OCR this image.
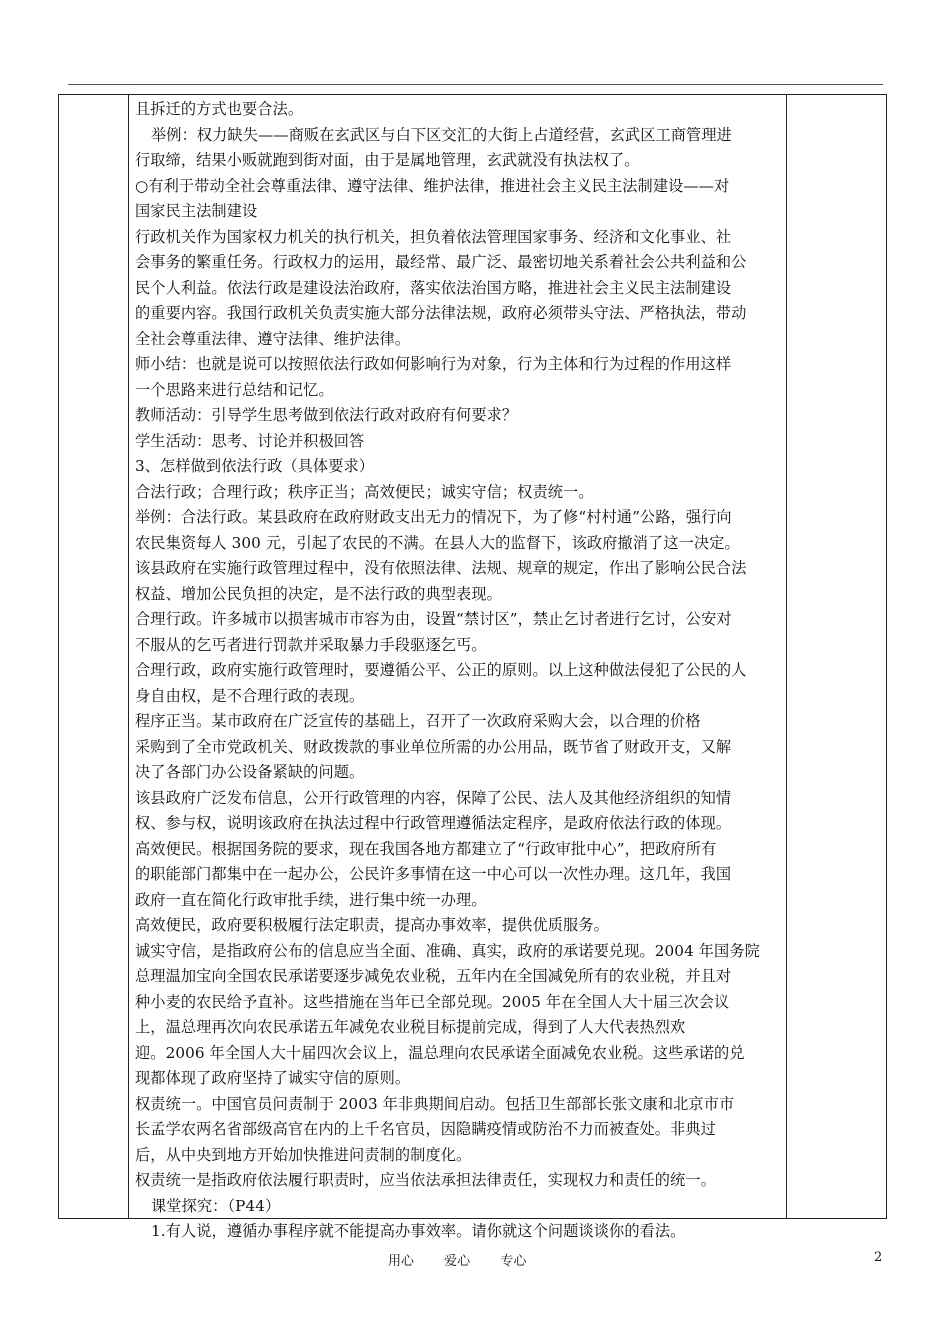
且拆迁的方式也要合法。

举例：权力缺失——商贩在玄武区与白下区交汇的大街上占道经营，玄武区工商管理进

行取缔，结果小贩就跑到街对面，由于是属地管理，玄武就没有执法权了。

○有利于带动全社会尊重法律、遵守法律、维护法律，推进社会主义民主法制建设——对

国家民主法制建设

行政机关作为国家权力机关的执行机关，担负着依法管理国家事务、经济和文化事业、社

会事务的繁重任务。行政权力的运用，最经常、最广泛、最密切地关系着社会公共利益和公

民个人利益。依法行政是建设法治政府，落实依法治国方略，推进社会主义民主法制建设

的重要内容。我国行政机关负责实施大部分法律法规，政府必须带头守法、严格执法，带动

全社会尊重法律、遵守法律、维护法律。

师小结：也就是说可以按照依法行政如何影响行为对象，行为主体和行为过程的作用这样

一个思路来进行总结和记忆。

教师活动：引导学生思考做到依法行政对政府有何要求？

学生活动：思考、讨论并积极回答

3、怎样做到依法行政（具体要求）

合法行政；合理行政；秩序正当；高效便民；诚实守信；权责统一。

举例：合法行政。某县政府在政府财政支出无力的情况下，为了修“村村通”公路，强行向

农民集资每人 300 元，引起了农民的不满。在县人大的监督下，该政府撤消了这一决定。

该县政府在实施行政管理过程中，没有依照法律、法规、规章的规定，作出了影响公民合法

权益、增加公民负担的决定，是不法行政的典型表现。

合理行政。许多城市以损害城市市容为由，设置“禁讨区”，禁止乞讨者进行乞讨，公安对

不服从的乞丐者进行罚款并采取暴力手段驱逐乞丐。

合理行政，政府实施行政管理时，要遵循公平、公正的原则。以上这种做法侵犯了公民的人

身自由权，是不合理行政的表现。

程序正当。某市政府在广泛宣传的基础上，召开了一次政府采购大会，以合理的价格

采购到了全市党政机关、财政拨款的事业单位所需的办公用品，既节省了财政开支，又解

决了各部门办公设备紧缺的问题。

该县政府广泛发布信息，公开行政管理的内容，保障了公民、法人及其他经济组织的知情

权、参与权，说明该政府在执法过程中行政管理遵循法定程序，是政府依法行政的体现。

高效便民。根据国务院的要求，现在我国各地方都建立了“行政审批中心”，把政府所有

的职能部门都集中在一起办公，公民许多事情在这一中心可以一次性办理。这几年，我国

政府一直在简化行政审批手续，进行集中统一办理。

高效便民，政府要积极履行法定职责，提高办事效率，提供优质服务。

诚实守信，是指政府公布的信息应当全面、准确、真实，政府的承诺要兑现。2004 年国务院

总理温加宝向全国农民承诺要逐步减免农业税，五年内在全国减免所有的农业税，并且对

种小麦的农民给予直补。这些措施在当年已全部兑现。2005 年在全国人大十届三次会议

上，温总理再次向农民承诺五年减免农业税目标提前完成，得到了人大代表热烈欢

迎。2006 年全国人大十届四次会议上，温总理向农民承诺全面减免农业税。这些承诺的兑

现都体现了政府坚持了诚实守信的原则。

权责统一。中国官员问责制于 2003 年非典期间启动。包括卫生部部长张文康和北京市市

长孟学农两名省部级高官在内的上千名官员，因隐瞒疫情或防治不力而被查处。非典过

后，从中央到地方开始加快推进问责制的制度化。

权责统一是指政府依法履行职责时，应当依法承担法律责任，实现权力和责任的统一。

课堂探究：（P44）

1.有人说，遵循办事程序就不能提高办事效率。请你就这个问题谈谈你的看法。

用心 爱心 专心	2
